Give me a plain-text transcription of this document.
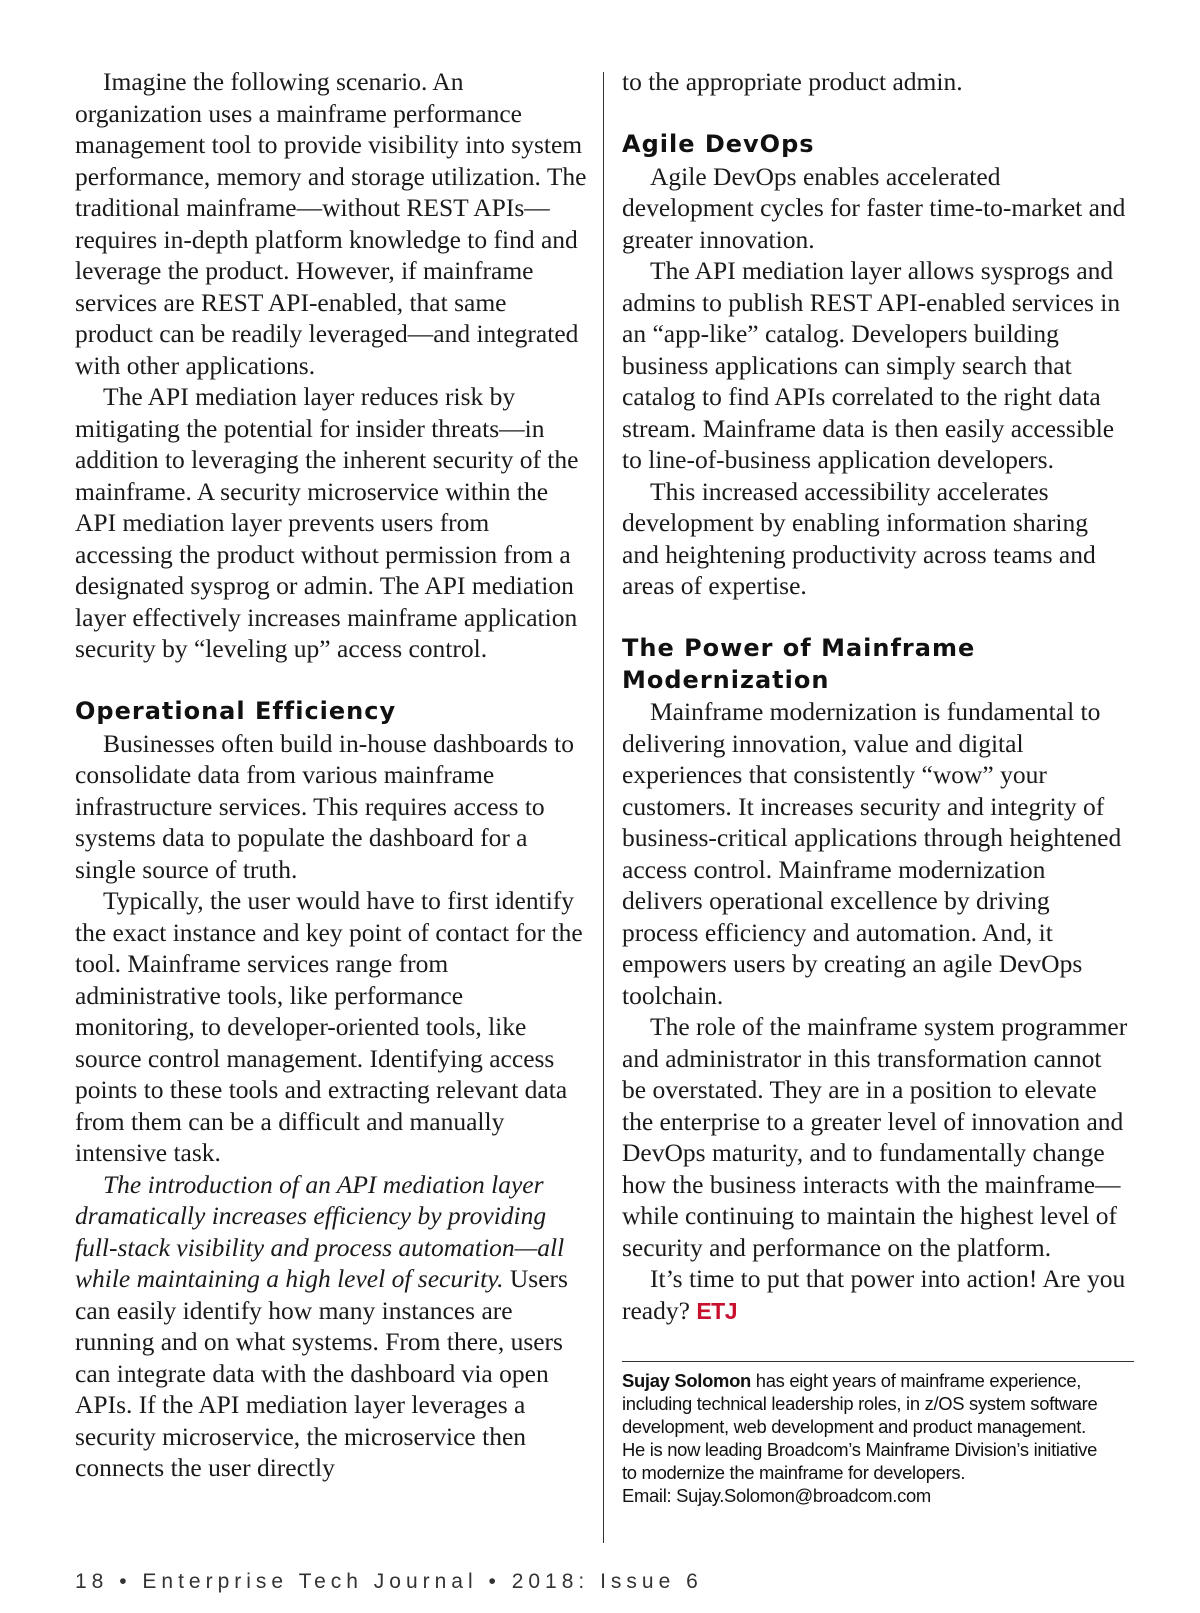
Imagine the following scenario. An organization uses a mainframe performance management tool to provide visibility into system performance, memory and storage utilization. The traditional mainframe—without REST APIs—requires in-depth platform knowledge to find and leverage the product. However, if mainframe services are REST API-enabled, that same product can be readily leveraged—and integrated with other applications.

The API mediation layer reduces risk by mitigating the potential for insider threats—in addition to leveraging the inherent security of the mainframe. A security microservice within the API mediation layer prevents users from accessing the product without permission from a designated sysprog or admin. The API mediation layer effectively increases mainframe application security by “leveling up” access control.

Operational Efficiency

Businesses often build in-house dashboards to consolidate data from various mainframe infrastructure services. This requires access to systems data to populate the dashboard for a single source of truth.

Typically, the user would have to first identify the exact instance and key point of contact for the tool. Mainframe services range from administrative tools, like performance monitoring, to developer-oriented tools, like source control management. Identifying access points to these tools and extracting relevant data from them can be a difficult and manually intensive task.

The introduction of an API mediation layer dramatically increases efficiency by providing full-stack visibility and process automation—all while maintaining a high level of security. Users can easily identify how many instances are running and on what systems. From there, users can integrate data with the dashboard via open APIs. If the API mediation layer leverages a security microservice, the microservice then connects the user directly

to the appropriate product admin.

Agile DevOps

Agile DevOps enables accelerated development cycles for faster time-to-market and greater innovation.

The API mediation layer allows sysprogs and admins to publish REST API-enabled services in an “app-like” catalog. Developers building business applications can simply search that catalog to find APIs correlated to the right data stream. Mainframe data is then easily accessible to line-of-business application developers.

This increased accessibility accelerates development by enabling information sharing and heightening productivity across teams and areas of expertise.

The Power of Mainframe
Modernization

Mainframe modernization is fundamental to delivering innovation, value and digital experiences that consistently “wow” your customers. It increases security and integrity of business-critical applications through heightened access control. Mainframe modernization delivers operational excellence by driving process efficiency and automation. And, it empowers users by creating an agile DevOps toolchain.

The role of the mainframe system programmer and administrator in this transformation cannot be overstated. They are in a position to elevate the enterprise to a greater level of innovation and DevOps maturity, and to fundamentally change how the business interacts with the mainframe—while continuing to maintain the highest level of security and performance on the platform.

It’s time to put that power into action! Are you ready? ETJ

Sujay Solomon has eight years of mainframe experience,
including technical leadership roles, in z/OS system software
development, web development and product management.
He is now leading Broadcom’s Mainframe Division’s initiative
to modernize the mainframe for developers.
Email: Sujay.Solomon@broadcom.com
18 • Enterprise Tech Journal • 2018: Issue 6
